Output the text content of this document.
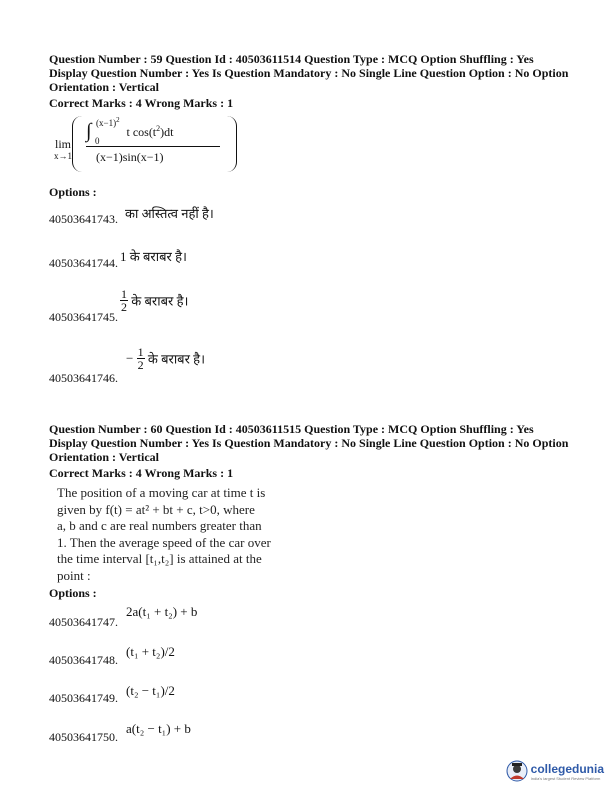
Question Number : 59 Question Id : 40503611514 Question Type : MCQ Option Shuffling : Yes
Display Question Number : Yes Is Question Mandatory : No Single Line Question Option : No Option
Orientation : Vertical
Correct Marks : 4 Wrong Marks : 1
lim
x→1
∫ $(x-1)^2$
0
t $\cos(t^2)dt$
(x−1)sin(x−1)
Options :
40503641743. का अस्तित्व नहीं है।
40503641744. 1 के बराबर है।
40503641745.
$\frac{1}{2}$ के बराबर है।
40503641746.
− $\frac{1}{2}$ के बराबर है।
Question Number : 60 Question Id : 40503611515 Question Type : MCQ Option Shuffling : Yes
Display Question Number : Yes Is Question Mandatory : No Single Line Question Option : No Option
Orientation : Vertical
Correct Marks : 4 Wrong Marks : 1
The position of a moving car at time t is
given by f(t) = at² + bt + c, t>0, where
a, b and c are real numbers greater than
1. Then the average speed of the car over
the time interval [t₁,t₂] is attained at the
point :
Options :
40503641747.
2a(t₁ + t₂) + b
40503641748.
(t₁ + t₂)/2
40503641749. (t₂ − t₁)/2
40503641750.
a(t₂ − t₁) + b
collegedunia
India's largest Student Review Platform
